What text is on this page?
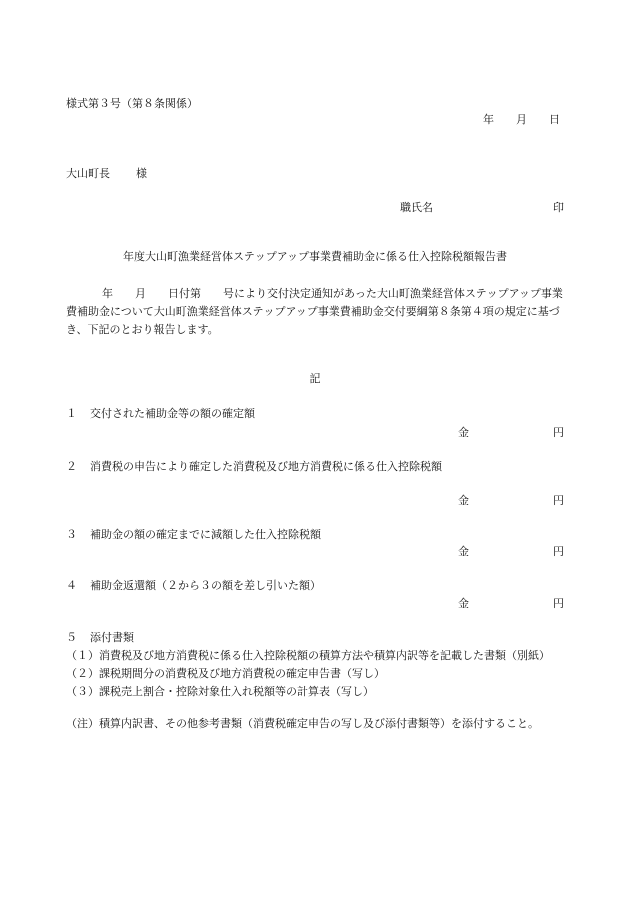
様式第３号（第８条関係）
年 月 日
大山町長 様
職氏名	印
年度大山町漁業経営体ステップアップ事業費補助金に係る仕入控除税額報告書
年 月 日付第 号により交付決定通知があった大山町漁業経営体ステップアップ事業費補助金について大山町漁業経営体ステップアップ事業費補助金交付要綱第８条第４項の規定に基づき、下記のとおり報告します。
記
１ 交付された補助金等の額の確定額
金	円
２ 消費税の申告により確定した消費税及び地方消費税に係る仕入控除税額
金	円
３ 補助金の額の確定までに減額した仕入控除税額
金	円
４ 補助金返還額（２から３の額を差し引いた額）
金	円
５ 添付書類
（１）消費税及び地方消費税に係る仕入控除税額の積算方法や積算内訳等を記載した書類（別紙）
（２）課税期間分の消費税及び地方消費税の確定申告書（写し）
（３）課税売上割合・控除対象仕入れ税額等の計算表（写し）
（注）積算内訳書、その他参考書類（消費税確定申告の写し及び添付書類等）を添付すること。
